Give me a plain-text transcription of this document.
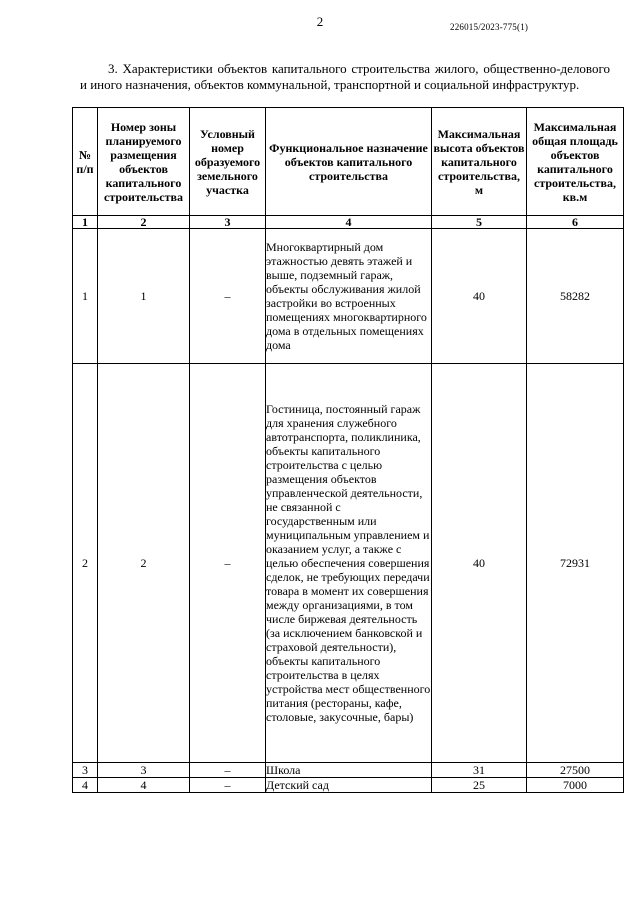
2	226015/2023-775(1)

3. Характеристики объектов капитального строительства жилого, общественно-делового и иного назначения, объектов коммунальной, транспортной и социальной инфраструктур.

№ п/п	Номер зоны планируемого размещения объектов капитального строительства	Условный номер образуемого земельного участка	Функциональное назначение объектов капитального строительства	Максимальная высота объектов капитального строительства, м	Максимальная общая площадь объектов капитального строительства, кв.м
1	2	3	4	5	6
1	1	–	Многоквартирный дом этажностью девять этажей и выше, подземный гараж, объекты обслуживания жилой застройки во встроенных помещениях многоквартирного дома в отдельных помещениях дома	40	58282
2	2	–	Гостиница, постоянный гараж для хранения служебного автотранспорта, поликлиника, объекты капитального строительства с целью размещения объектов управленческой деятельности, не связанной с государственным или муниципальным управлением и оказанием услуг, а также с целью обеспечения совершения сделок, не требующих передачи товара в момент их совершения между организациями, в том числе биржевая деятельность (за исключением банковской и страховой деятельности), объекты капитального строительства в целях устройства мест общественного питания (рестораны, кафе, столовые, закусочные, бары)	40	72931
3	3	–	Школа	31	27500
4	4	–	Детский сад	25	7000
